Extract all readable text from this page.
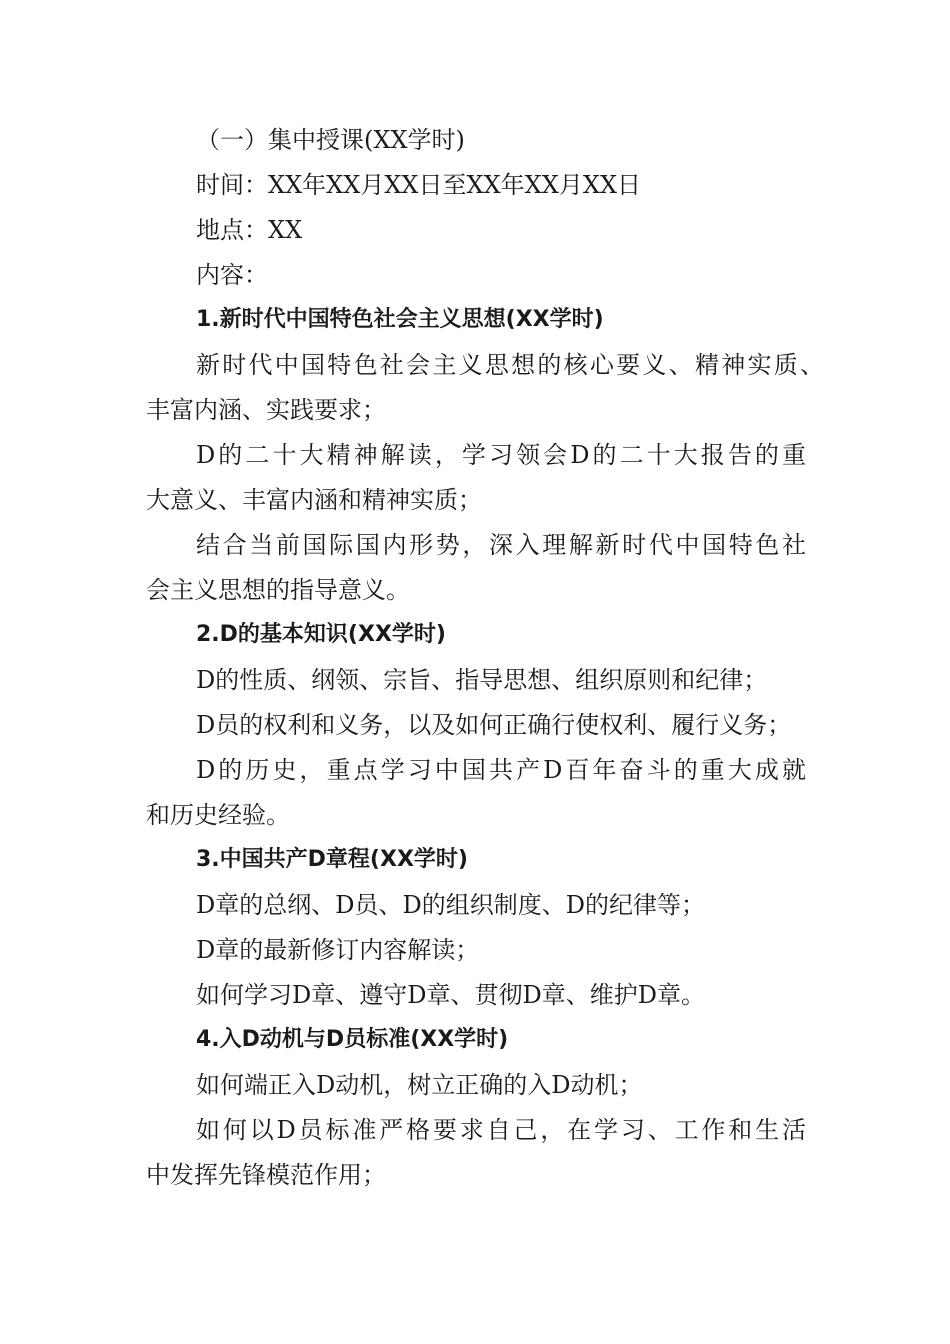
（一）集中授课(XX学时)
时间：XX年XX月XX日至XX年XX月XX日
地点：XX
内容：
1.新时代中国特色社会主义思想(XX学时)
新时代中国特色社会主义思想的核心要义、精神实质、
丰富内涵、实践要求；
D的二十大精神解读，学习领会D的二十大报告的重
大意义、丰富内涵和精神实质；
结合当前国际国内形势，深入理解新时代中国特色社
会主义思想的指导意义。
2.D的基本知识(XX学时)
D的性质、纲领、宗旨、指导思想、组织原则和纪律；
D员的权利和义务，以及如何正确行使权利、履行义务；
D的历史，重点学习中国共产D百年奋斗的重大成就
和历史经验。
3.中国共产D章程(XX学时)
D章的总纲、D员、D的组织制度、D的纪律等；
D章的最新修订内容解读；
如何学习D章、遵守D章、贯彻D章、维护D章。
4.入D动机与D员标准(XX学时)
如何端正入D动机，树立正确的入D动机；
如何以D员标准严格要求自己，在学习、工作和生活
中发挥先锋模范作用；
